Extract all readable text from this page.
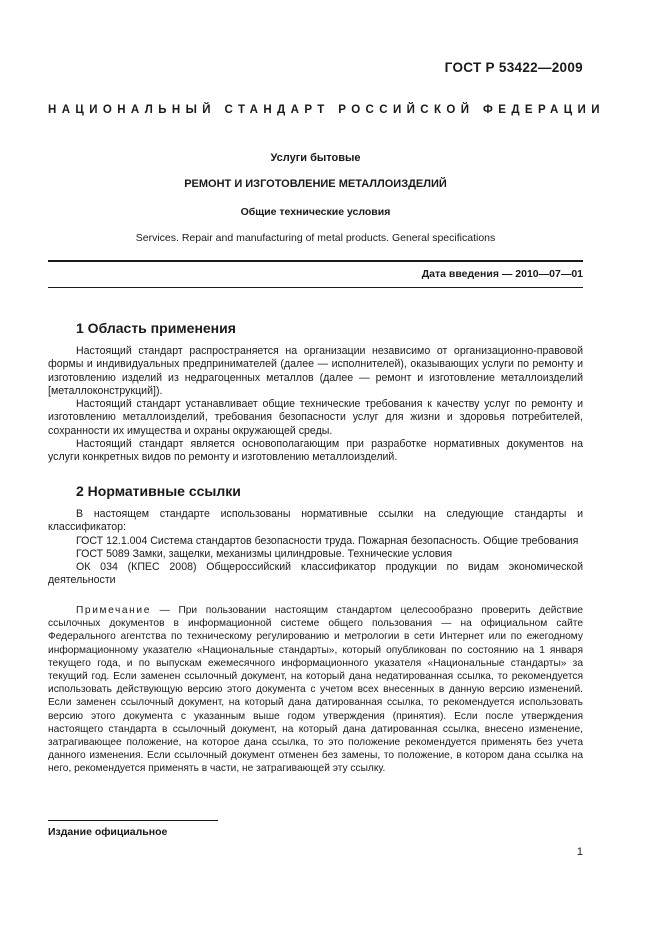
ГОСТ Р 53422—2009
НАЦИОНАЛЬНЫЙ СТАНДАРТ РОССИЙСКОЙ ФЕДЕРАЦИИ
Услуги бытовые
РЕМОНТ И ИЗГОТОВЛЕНИЕ МЕТАЛЛОИЗДЕЛИЙ
Общие технические условия
Services. Repair and manufacturing of metal products. General specifications
Дата введения — 2010—07—01
1 Область применения

Настоящий стандарт распространяется на организации независимо от организационно-правовой формы и индивидуальных предпринимателей (далее — исполнителей), оказывающих услуги по ремонту и изготовлению изделий из недрагоценных металлов (далее — ремонт и изготовление металлоизделий [металлоконструкций]).

Настоящий стандарт устанавливает общие технические требования к качеству услуг по ремонту и изготовлению металлоизделий, требования безопасности услуг для жизни и здоровья потребителей, сохранности их имущества и охраны окружающей среды.

Настоящий стандарт является основополагающим при разработке нормативных документов на услуги конкретных видов по ремонту и изготовлению металлоизделий.

2 Нормативные ссылки

В настоящем стандарте использованы нормативные ссылки на следующие стандарты и классификатор:

ГОСТ 12.1.004 Система стандартов безопасности труда. Пожарная безопасность. Общие требования

ГОСТ 5089 Замки, защелки, механизмы цилиндровые. Технические условия

ОК 034 (КПЕС 2008) Общероссийский классификатор продукции по видам экономической деятельности

Примечание — При пользовании настоящим стандартом целесообразно проверить действие ссылочных документов в информационной системе общего пользования — на официальном сайте Федерального агентства по техническому регулированию и метрологии в сети Интернет или по ежегодному информационному указателю «Национальные стандарты», который опубликован по состоянию на 1 января текущего года, и по выпускам ежемесячного информационного указателя «Национальные стандарты» за текущий год. Если заменен ссылочный документ, на который дана недатированная ссылка, то рекомендуется использовать действующую версию этого документа с учетом всех внесенных в данную версию изменений. Если заменен ссылочный документ, на который дана датированная ссылка, то рекомендуется использовать версию этого документа с указанным выше годом утверждения (принятия). Если после утверждения настоящего стандарта в ссылочный документ, на который дана датированная ссылка, внесено изменение, затрагивающее положение, на которое дана ссылка, то это положение рекомендуется применять без учета данного изменения. Если ссылочный документ отменен без замены, то положение, в котором дана ссылка на него, рекомендуется применять в части, не затрагивающей эту ссылку.
Издание официальное
1
